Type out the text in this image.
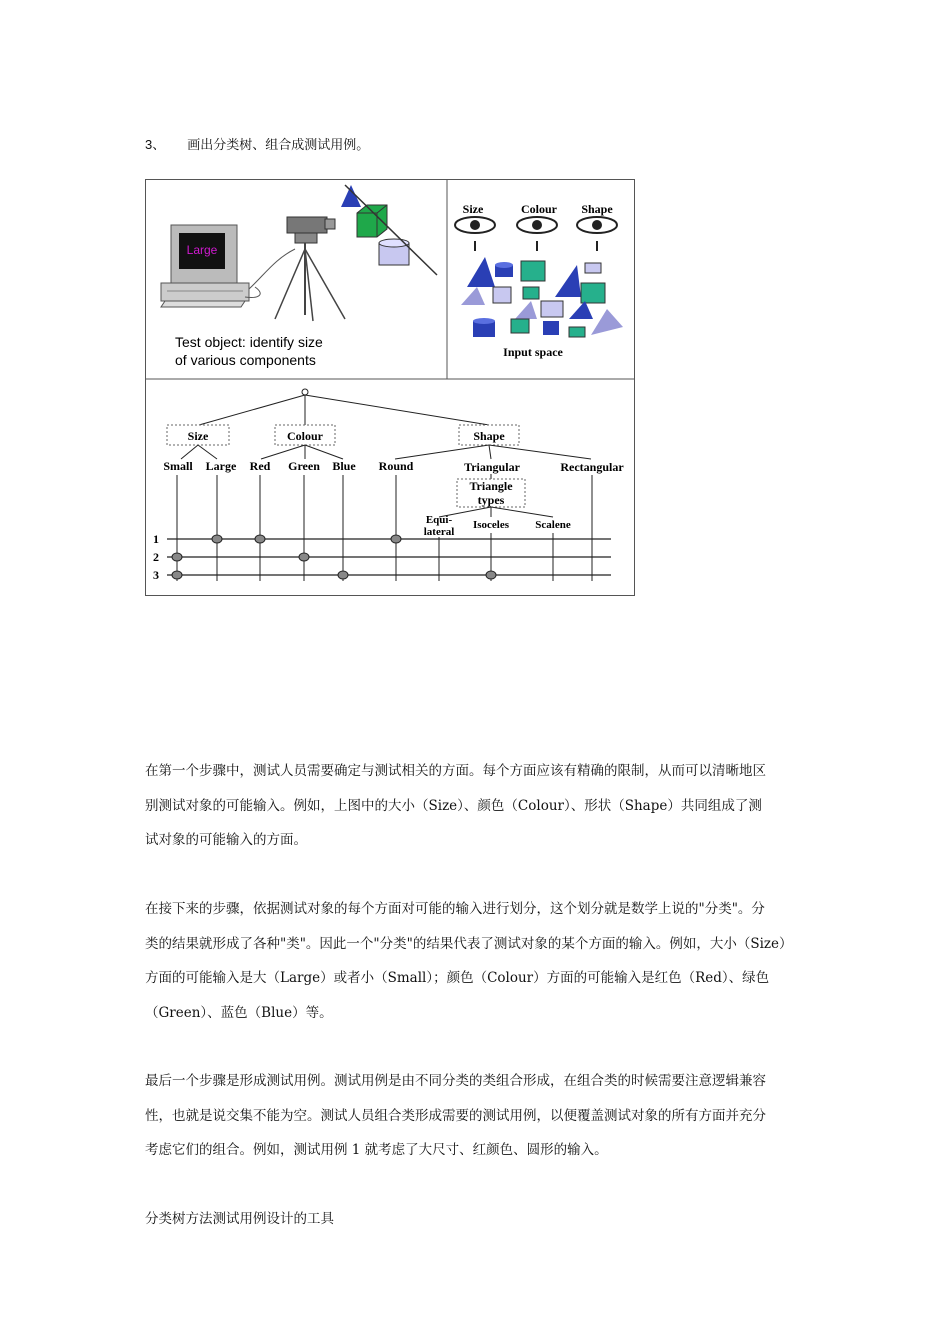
3、 画出分类树、组合成测试用例。
Large
Test object: identify size
of various components
Size	Colour Shape
Input space
Size	Colour	Shape
Small Large Red Green Blue Round	Triangular	Rectangular
Triangle
types
Equi-
lateral
Isoceles Scalene
1
2
3

在第一个步骤中，测试人员需要确定与测试相关的方面。每个方面应该有精确的限制，从而可以清晰地区
别测试对象的可能输入。例如，上图中的大小（Size）、颜色（Colour）、形状（Shape）共同组成了测
试对象的可能输入的方面。

在接下来的步骤，依据测试对象的每个方面对可能的输入进行划分，这个划分就是数学上说的"分类"。分
类的结果就形成了各种"类"。因此一个"分类"的结果代表了测试对象的某个方面的输入。例如，大小（Size）
方面的可能输入是大（Large）或者小（Small）；颜色（Colour）方面的可能输入是红色（Red）、绿色
（Green）、蓝色（Blue）等。

最后一个步骤是形成测试用例。测试用例是由不同分类的类组合形成，在组合类的时候需要注意逻辑兼容
性，也就是说交集不能为空。测试人员组合类形成需要的测试用例，以便覆盖测试对象的所有方面并充分
考虑它们的组合。例如，测试用例 1 就考虑了大尺寸、红颜色、圆形的输入。

分类树方法测试用例设计的工具
